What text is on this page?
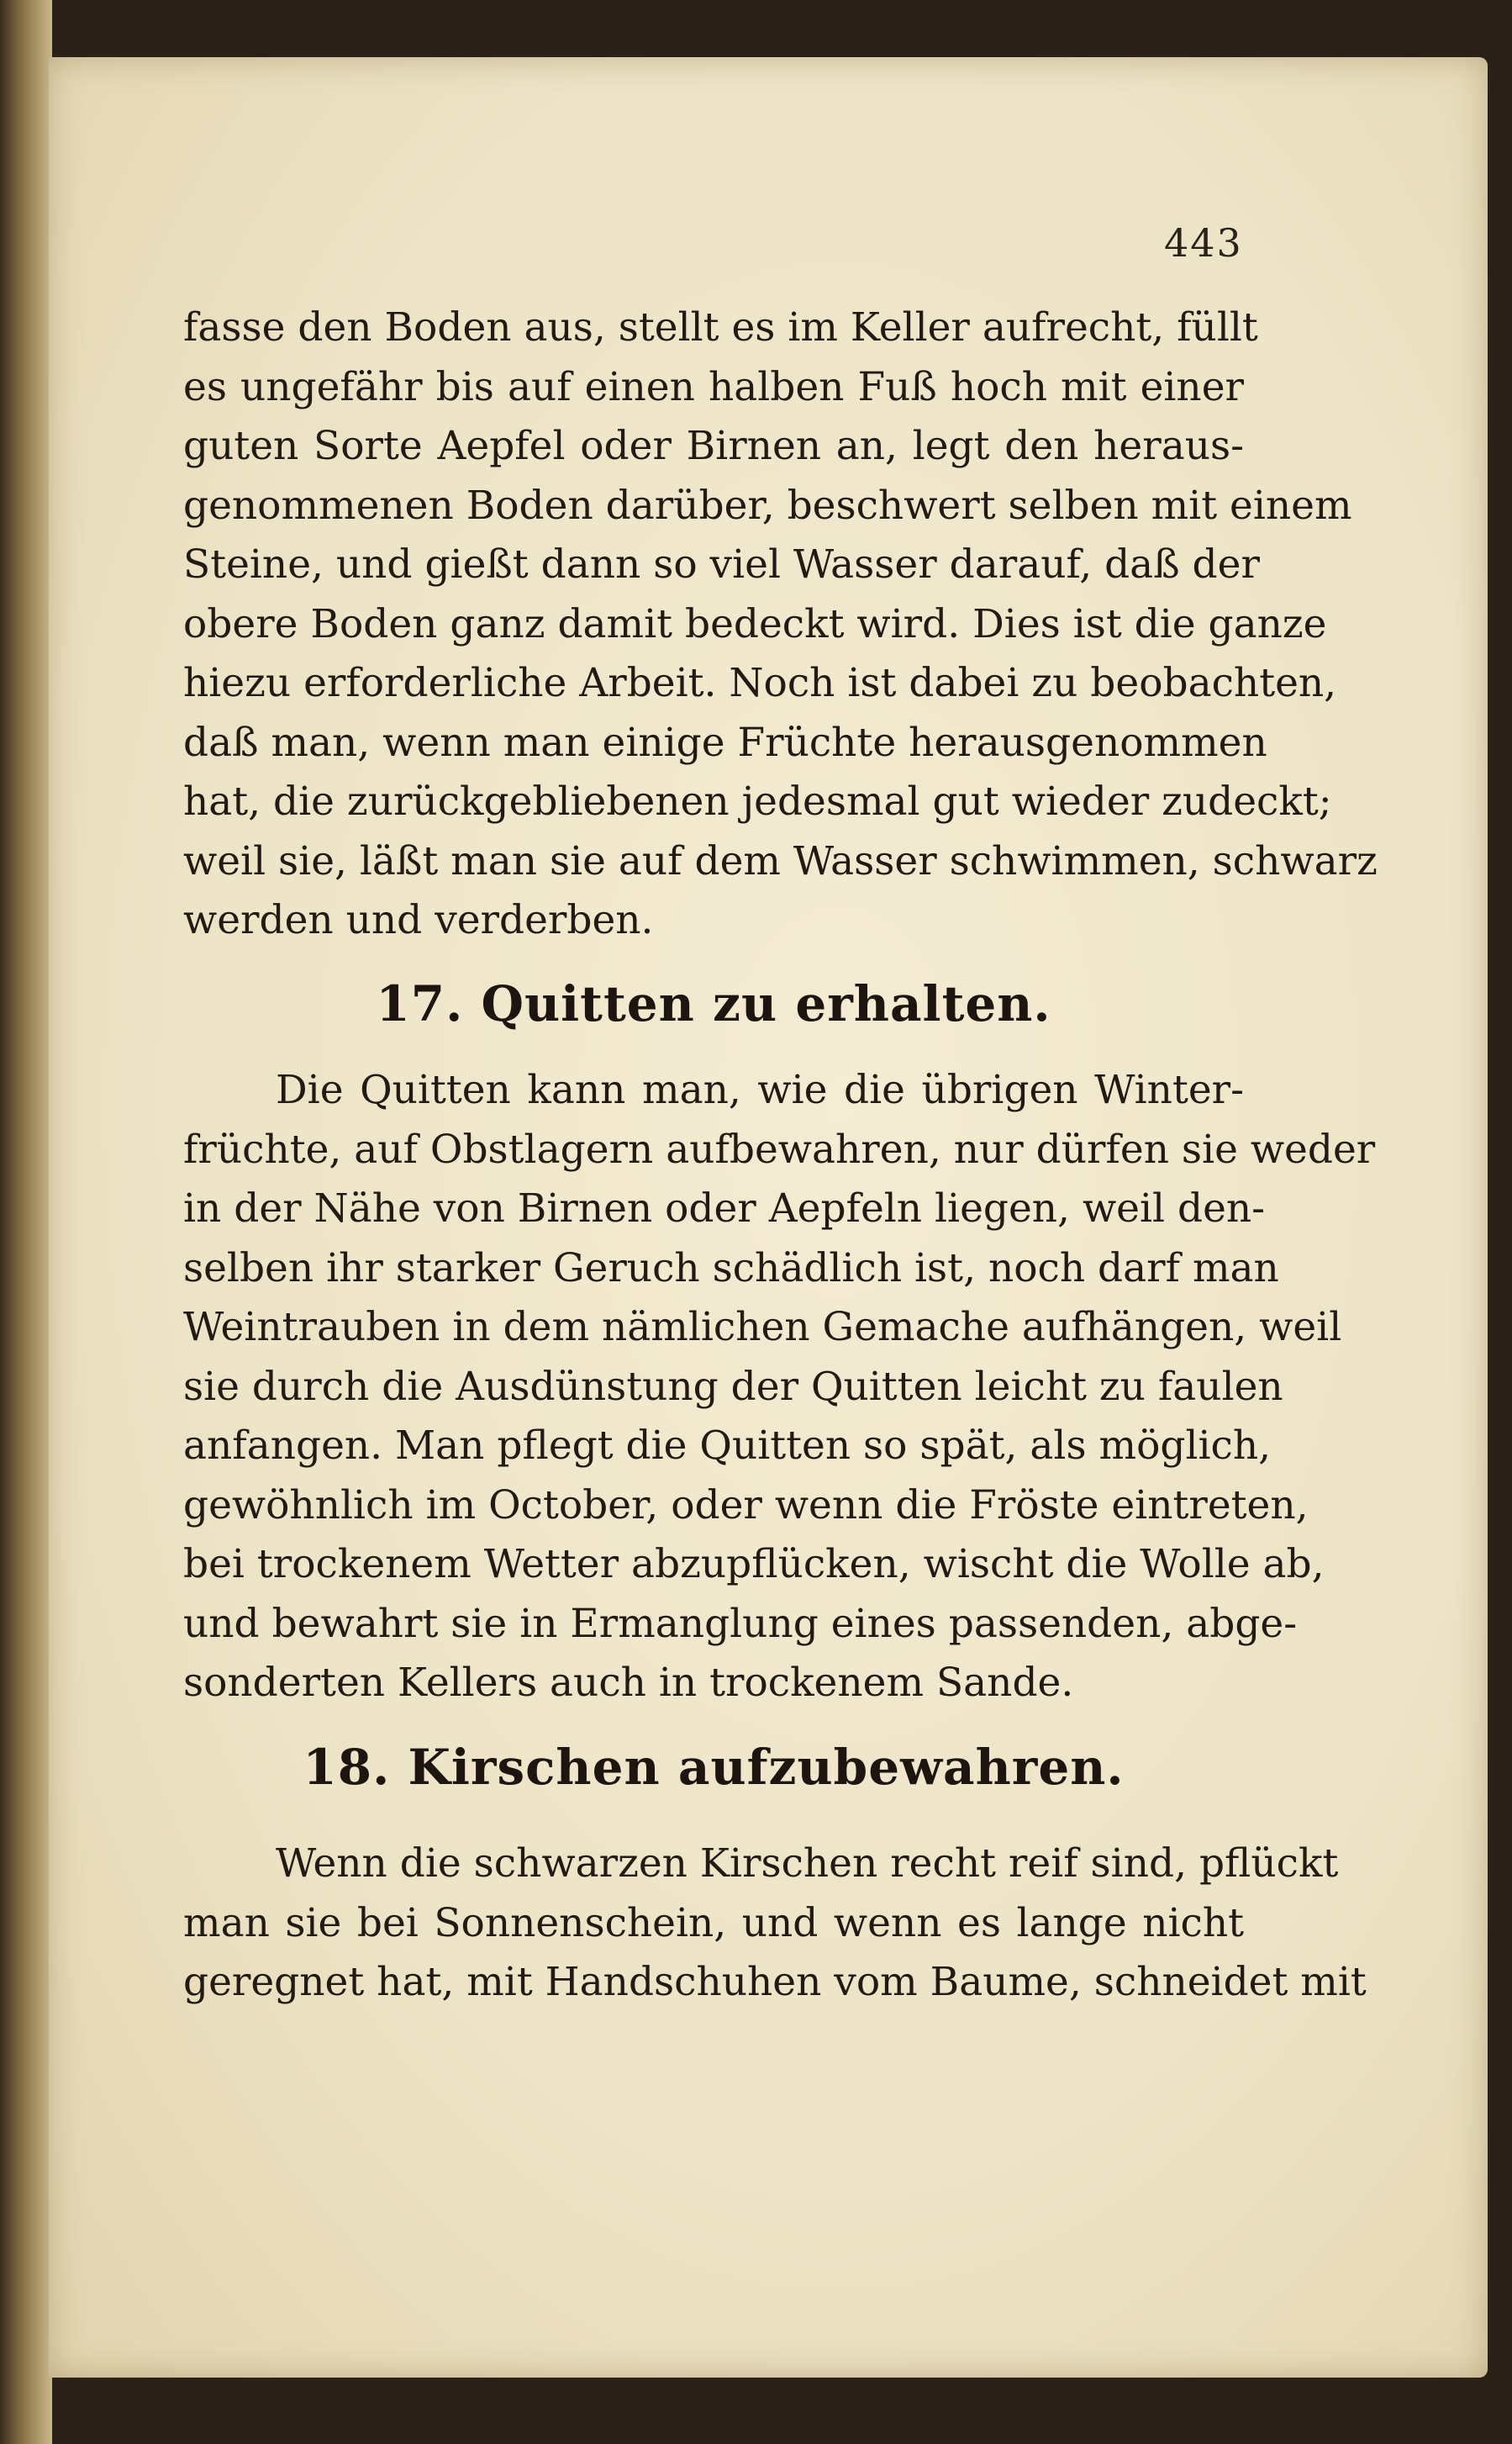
443
fasse den Boden aus, stellt es im Keller aufrecht, füllt
es ungefähr bis auf einen halben Fuß hoch mit einer
guten Sorte Aepfel oder Birnen an, legt den heraus-
genommenen Boden darüber, beschwert selben mit einem
Steine, und gießt dann so viel Wasser darauf, daß der
obere Boden ganz damit bedeckt wird. Dies ist die ganze
hiezu erforderliche Arbeit. Noch ist dabei zu beobachten,
daß man, wenn man einige Früchte herausgenommen
hat, die zurückgebliebenen jedesmal gut wieder zudeckt;
weil sie, läßt man sie auf dem Wasser schwimmen, schwarz
werden und verderben.
17. Quitten zu erhalten.
Die Quitten kann man, wie die übrigen Winter-
früchte, auf Obstlagern aufbewahren, nur dürfen sie weder
in der Nähe von Birnen oder Aepfeln liegen, weil den-
selben ihr starker Geruch schädlich ist, noch darf man
Weintrauben in dem nämlichen Gemache aufhängen, weil
sie durch die Ausdünstung der Quitten leicht zu faulen
anfangen. Man pflegt die Quitten so spät, als möglich,
gewöhnlich im October, oder wenn die Fröste eintreten,
bei trockenem Wetter abzupflücken, wischt die Wolle ab,
und bewahrt sie in Ermanglung eines passenden, abge-
sonderten Kellers auch in trockenem Sande.
18. Kirschen aufzubewahren.
Wenn die schwarzen Kirschen recht reif sind, pflückt
man sie bei Sonnenschein, und wenn es lange nicht
geregnet hat, mit Handschuhen vom Baume, schneidet mit
